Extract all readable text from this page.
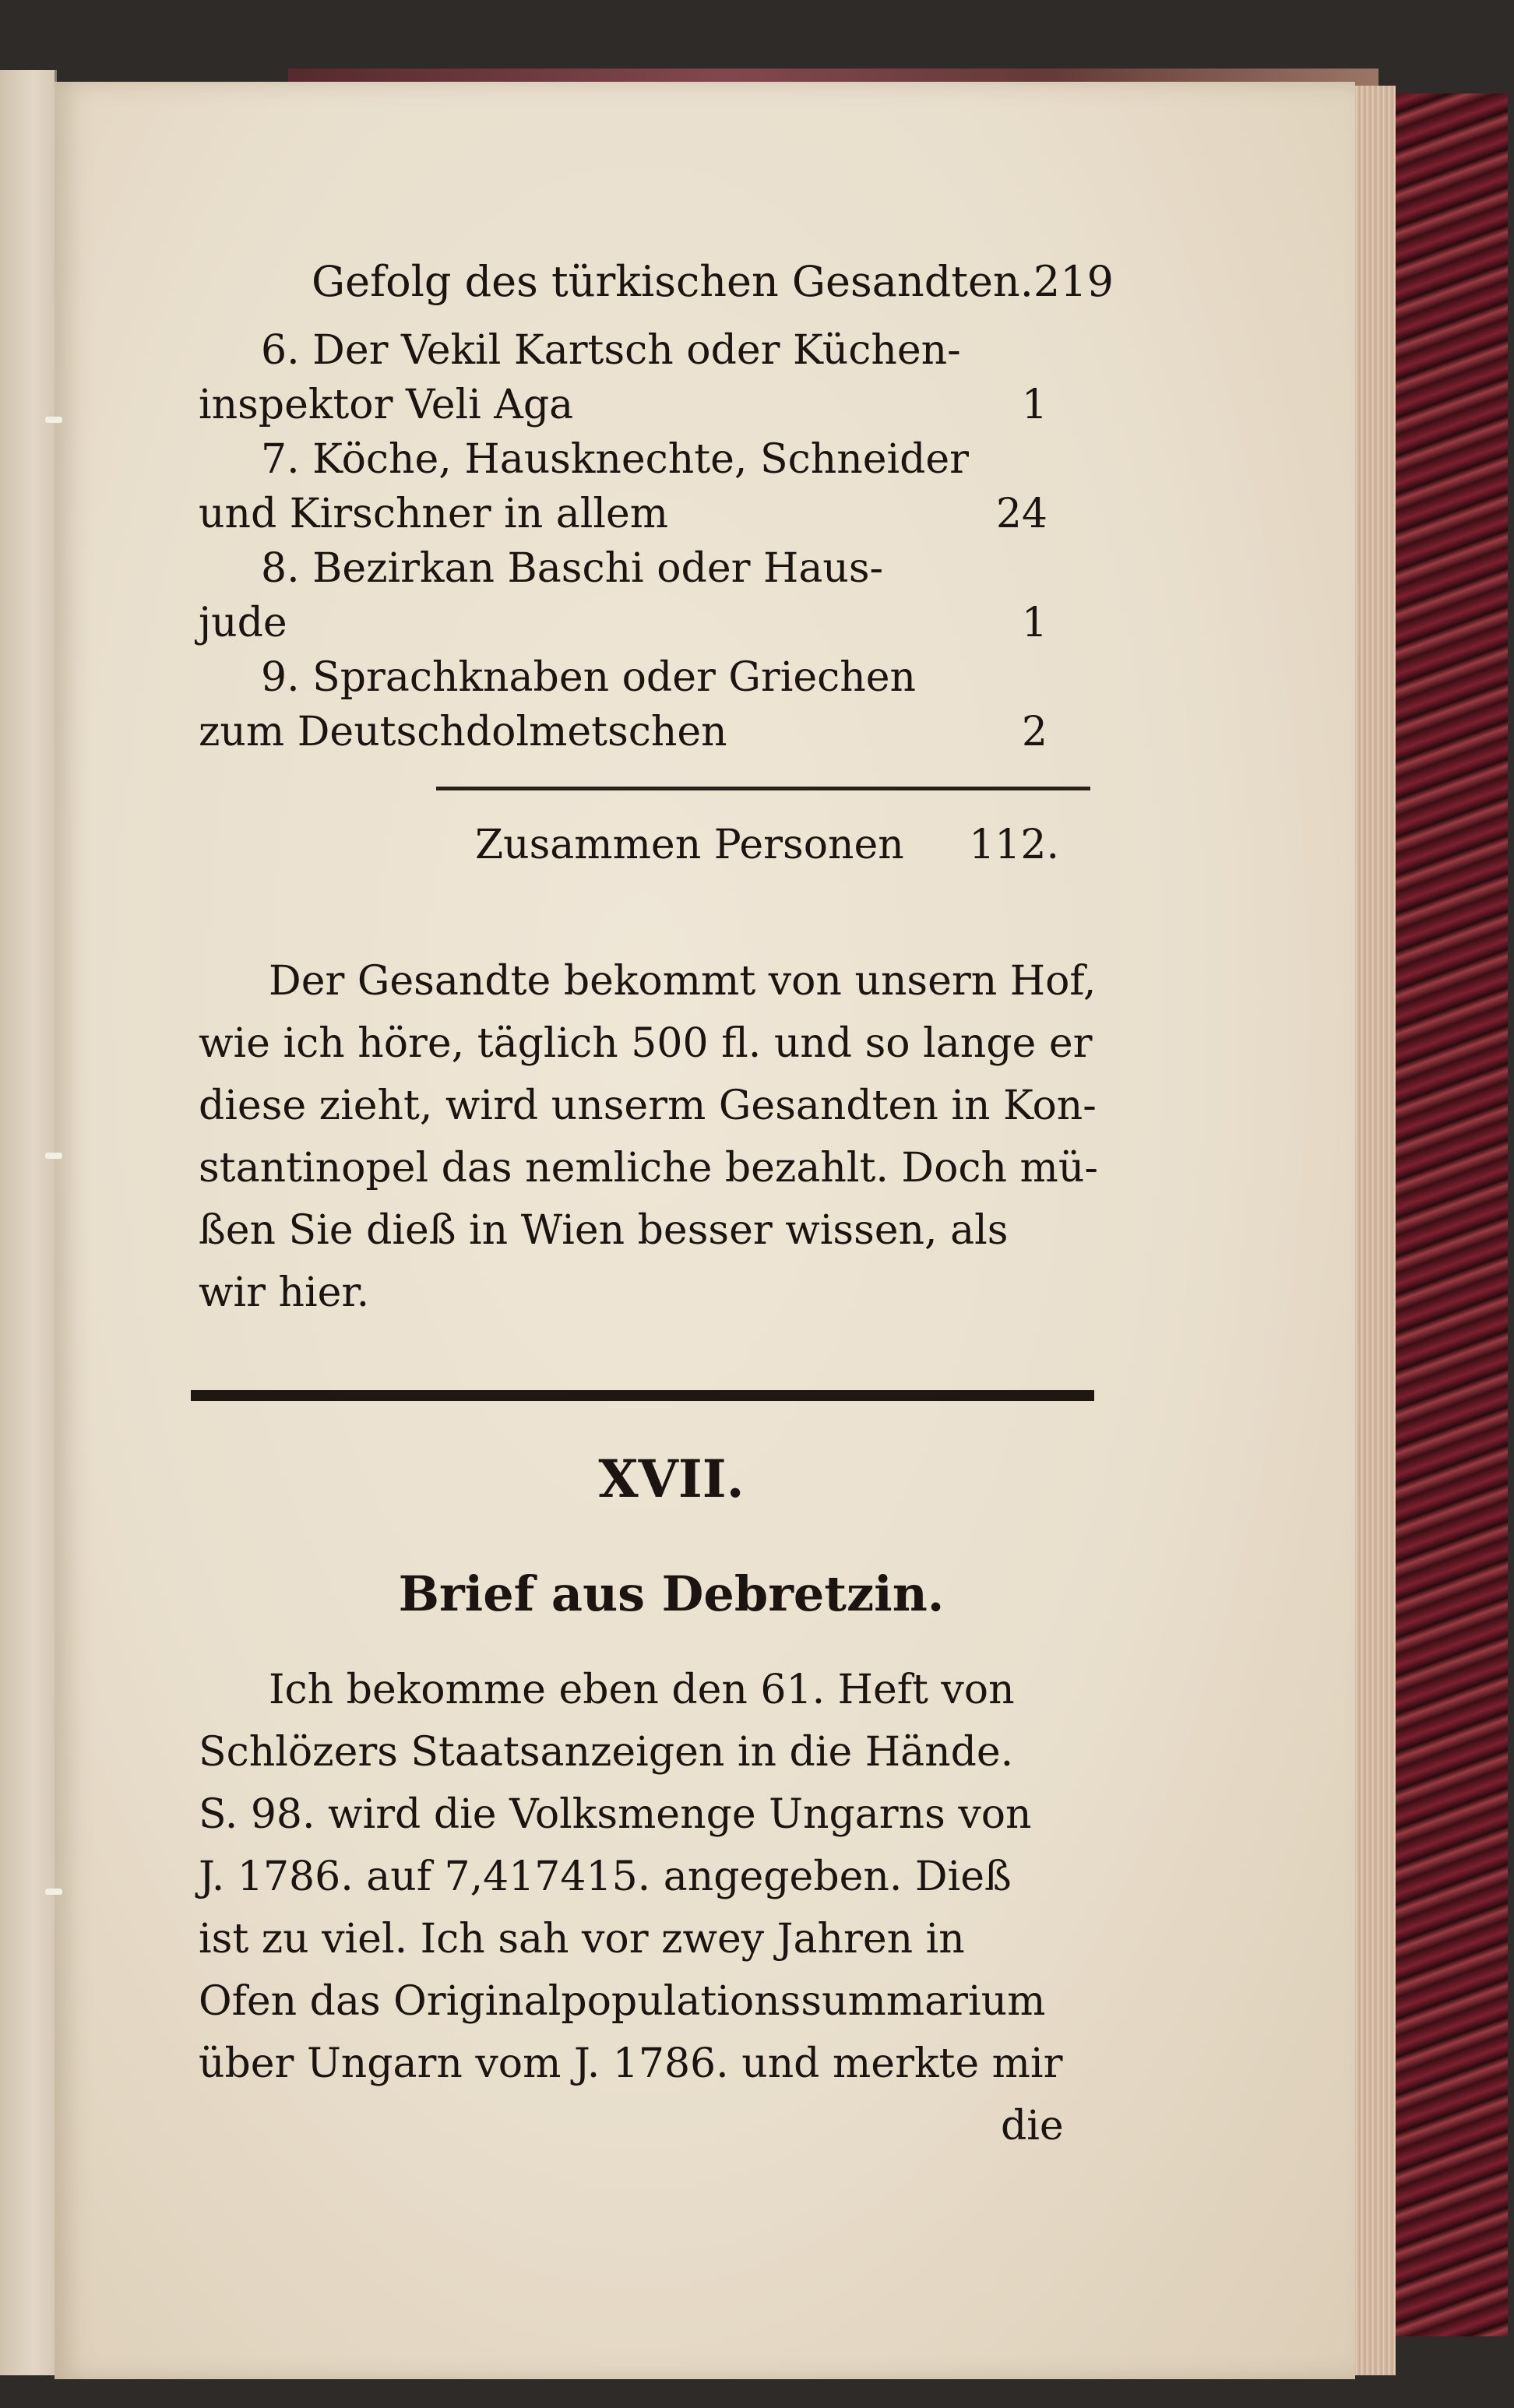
Gefolg des türkischen Gesandten. 219
6. Der Vekil Kartsch oder Küchen-
inspektor Veli Aga	1
7. Köche, Hausknechte, Schneider
und Kirschner in allem	24
8. Bezirkan Baschi oder Haus-
jude	1
9. Sprachknaben oder Griechen
zum Deutschdolmetschen	2
Zusammen Personen 112.
Der Gesandte bekommt von unsern Hof,
wie ich höre, täglich 500 fl. und so lange er
diese zieht, wird unserm Gesandten in Kon-
stantinopel das nemliche bezahlt. Doch mü-
ßen Sie dieß in Wien besser wissen, als
wir hier.
XVII.
Brief aus Debretzin.
Ich bekomme eben den 61. Heft von
Schlözers Staatsanzeigen in die Hände.
S. 98. wird die Volksmenge Ungarns von
J. 1786. auf 7,417415. angegeben. Dieß
ist zu viel. Ich sah vor zwey Jahren in
Ofen das Originalpopulationssummarium
über Ungarn vom J. 1786. und merkte mir
die
